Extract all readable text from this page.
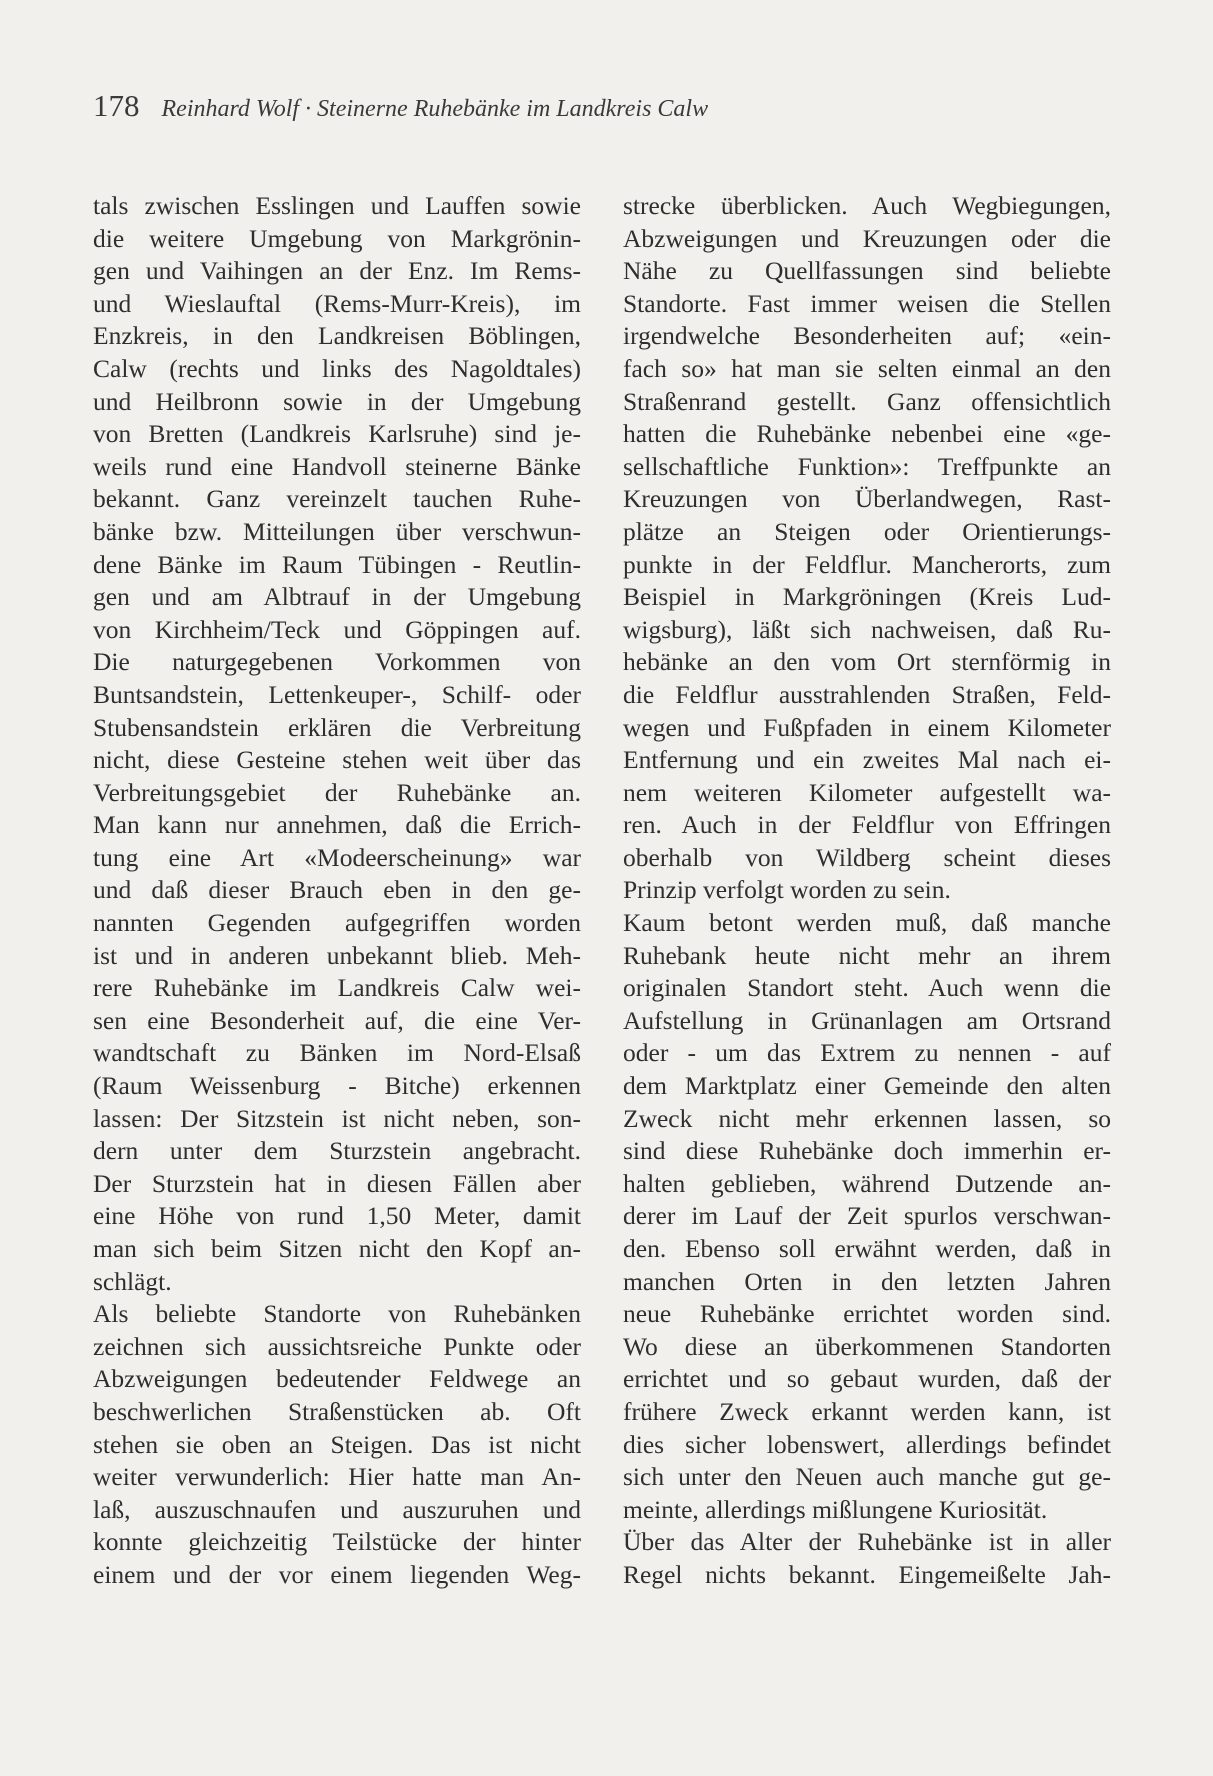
178 Reinhard Wolf · Steinerne Ruhebänke im Landkreis Calw
tals zwischen Esslingen und Lauffen sowie
die weitere Umgebung von Markgrönin-
gen und Vaihingen an der Enz. Im Rems-
und Wieslauftal (Rems-Murr-Kreis), im
Enzkreis, in den Landkreisen Böblingen,
Calw (rechts und links des Nagoldtales)
und Heilbronn sowie in der Umgebung
von Bretten (Landkreis Karlsruhe) sind je-
weils rund eine Handvoll steinerne Bänke
bekannt. Ganz vereinzelt tauchen Ruhe-
bänke bzw. Mitteilungen über verschwun-
dene Bänke im Raum Tübingen - Reutlin-
gen und am Albtrauf in der Umgebung
von Kirchheim/Teck und Göppingen auf.
Die naturgegebenen Vorkommen von
Buntsandstein, Lettenkeuper-, Schilf- oder
Stubensandstein erklären die Verbreitung
nicht, diese Gesteine stehen weit über das
Verbreitungsgebiet der Ruhebänke an.
Man kann nur annehmen, daß die Errich-
tung eine Art «Modeerscheinung» war
und daß dieser Brauch eben in den ge-
nannten Gegenden aufgegriffen worden
ist und in anderen unbekannt blieb. Meh-
rere Ruhebänke im Landkreis Calw wei-
sen eine Besonderheit auf, die eine Ver-
wandtschaft zu Bänken im Nord-Elsaß
(Raum Weissenburg - Bitche) erkennen
lassen: Der Sitzstein ist nicht neben, son-
dern unter dem Sturzstein angebracht.
Der Sturzstein hat in diesen Fällen aber
eine Höhe von rund 1,50 Meter, damit
man sich beim Sitzen nicht den Kopf an-
schlägt.
Als beliebte Standorte von Ruhebänken
zeichnen sich aussichtsreiche Punkte oder
Abzweigungen bedeutender Feldwege an
beschwerlichen Straßenstücken ab. Oft
stehen sie oben an Steigen. Das ist nicht
weiter verwunderlich: Hier hatte man An-
laß, auszuschnaufen und auszuruhen und
konnte gleichzeitig Teilstücke der hinter
einem und der vor einem liegenden Weg-
strecke überblicken. Auch Wegbiegungen,
Abzweigungen und Kreuzungen oder die
Nähe zu Quellfassungen sind beliebte
Standorte. Fast immer weisen die Stellen
irgendwelche Besonderheiten auf; «ein-
fach so» hat man sie selten einmal an den
Straßenrand gestellt. Ganz offensichtlich
hatten die Ruhebänke nebenbei eine «ge-
sellschaftliche Funktion»: Treffpunkte an
Kreuzungen von Überlandwegen, Rast-
plätze an Steigen oder Orientierungs-
punkte in der Feldflur. Mancherorts, zum
Beispiel in Markgröningen (Kreis Lud-
wigsburg), läßt sich nachweisen, daß Ru-
hebänke an den vom Ort sternförmig in
die Feldflur ausstrahlenden Straßen, Feld-
wegen und Fußpfaden in einem Kilometer
Entfernung und ein zweites Mal nach ei-
nem weiteren Kilometer aufgestellt wa-
ren. Auch in der Feldflur von Effringen
oberhalb von Wildberg scheint dieses
Prinzip verfolgt worden zu sein.
Kaum betont werden muß, daß manche
Ruhebank heute nicht mehr an ihrem
originalen Standort steht. Auch wenn die
Aufstellung in Grünanlagen am Ortsrand
oder - um das Extrem zu nennen - auf
dem Marktplatz einer Gemeinde den alten
Zweck nicht mehr erkennen lassen, so
sind diese Ruhebänke doch immerhin er-
halten geblieben, während Dutzende an-
derer im Lauf der Zeit spurlos verschwan-
den. Ebenso soll erwähnt werden, daß in
manchen Orten in den letzten Jahren
neue Ruhebänke errichtet worden sind.
Wo diese an überkommenen Standorten
errichtet und so gebaut wurden, daß der
frühere Zweck erkannt werden kann, ist
dies sicher lobenswert, allerdings befindet
sich unter den Neuen auch manche gut ge-
meinte, allerdings mißlungene Kuriosität.
Über das Alter der Ruhebänke ist in aller
Regel nichts bekannt. Eingemeißelte Jah-
